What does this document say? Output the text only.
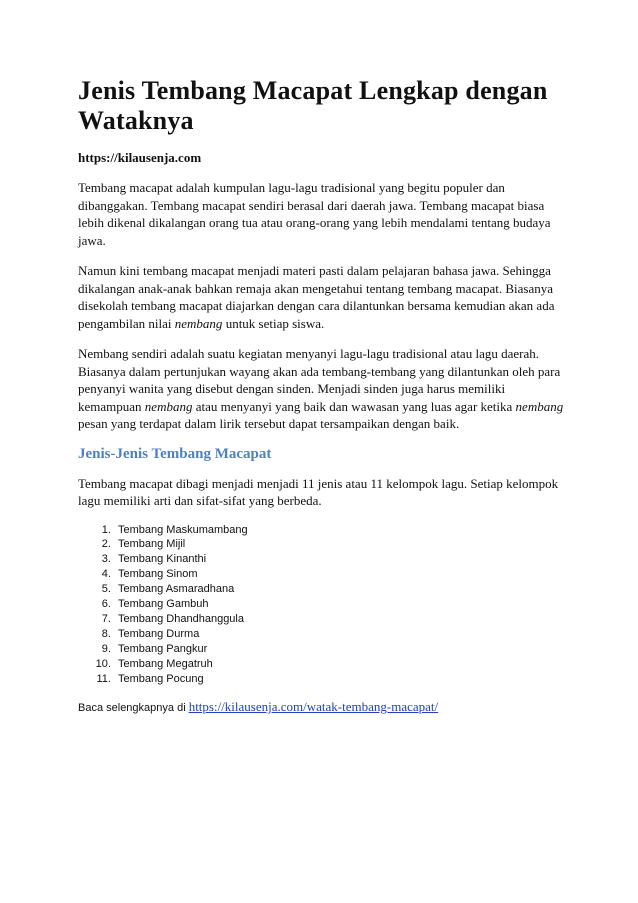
Jenis Tembang Macapat Lengkap dengan Wataknya
https://kilausenja.com

Tembang macapat adalah kumpulan lagu-lagu tradisional yang begitu populer dan dibanggakan. Tembang macapat sendiri berasal dari daerah jawa. Tembang macapat biasa lebih dikenal dikalangan orang tua atau orang-orang yang lebih mendalami tentang budaya jawa.

Namun kini tembang macapat menjadi materi pasti dalam pelajaran bahasa jawa. Sehingga dikalangan anak-anak bahkan remaja akan mengetahui tentang tembang macapat. Biasanya disekolah tembang macapat diajarkan dengan cara dilantunkan bersama kemudian akan ada pengambilan nilai nembang untuk setiap siswa.

Nembang sendiri adalah suatu kegiatan menyanyi lagu-lagu tradisional atau lagu daerah. Biasanya dalam pertunjukan wayang akan ada tembang-tembang yang dilantunkan oleh para penyanyi wanita yang disebut dengan sinden. Menjadi sinden juga harus memiliki kemampuan nembang atau menyanyi yang baik dan wawasan yang luas agar ketika nembang pesan yang terdapat dalam lirik tersebut dapat tersampaikan dengan baik.

Jenis-Jenis Tembang Macapat

Tembang macapat dibagi menjadi menjadi 11 jenis atau 11 kelompok lagu. Setiap kelompok lagu memiliki arti dan sifat-sifat yang berbeda.

1. Tembang Maskumambang
2. Tembang Mijil
3. Tembang Kinanthi
4. Tembang Sinom
5. Tembang Asmaradhana
6. Tembang Gambuh
7. Tembang Dhandhanggula
8. Tembang Durma
9. Tembang Pangkur
10. Tembang Megatruh
11. Tembang Pocung
Baca selengkapnya di https://kilausenja.com/watak-tembang-macapat/
